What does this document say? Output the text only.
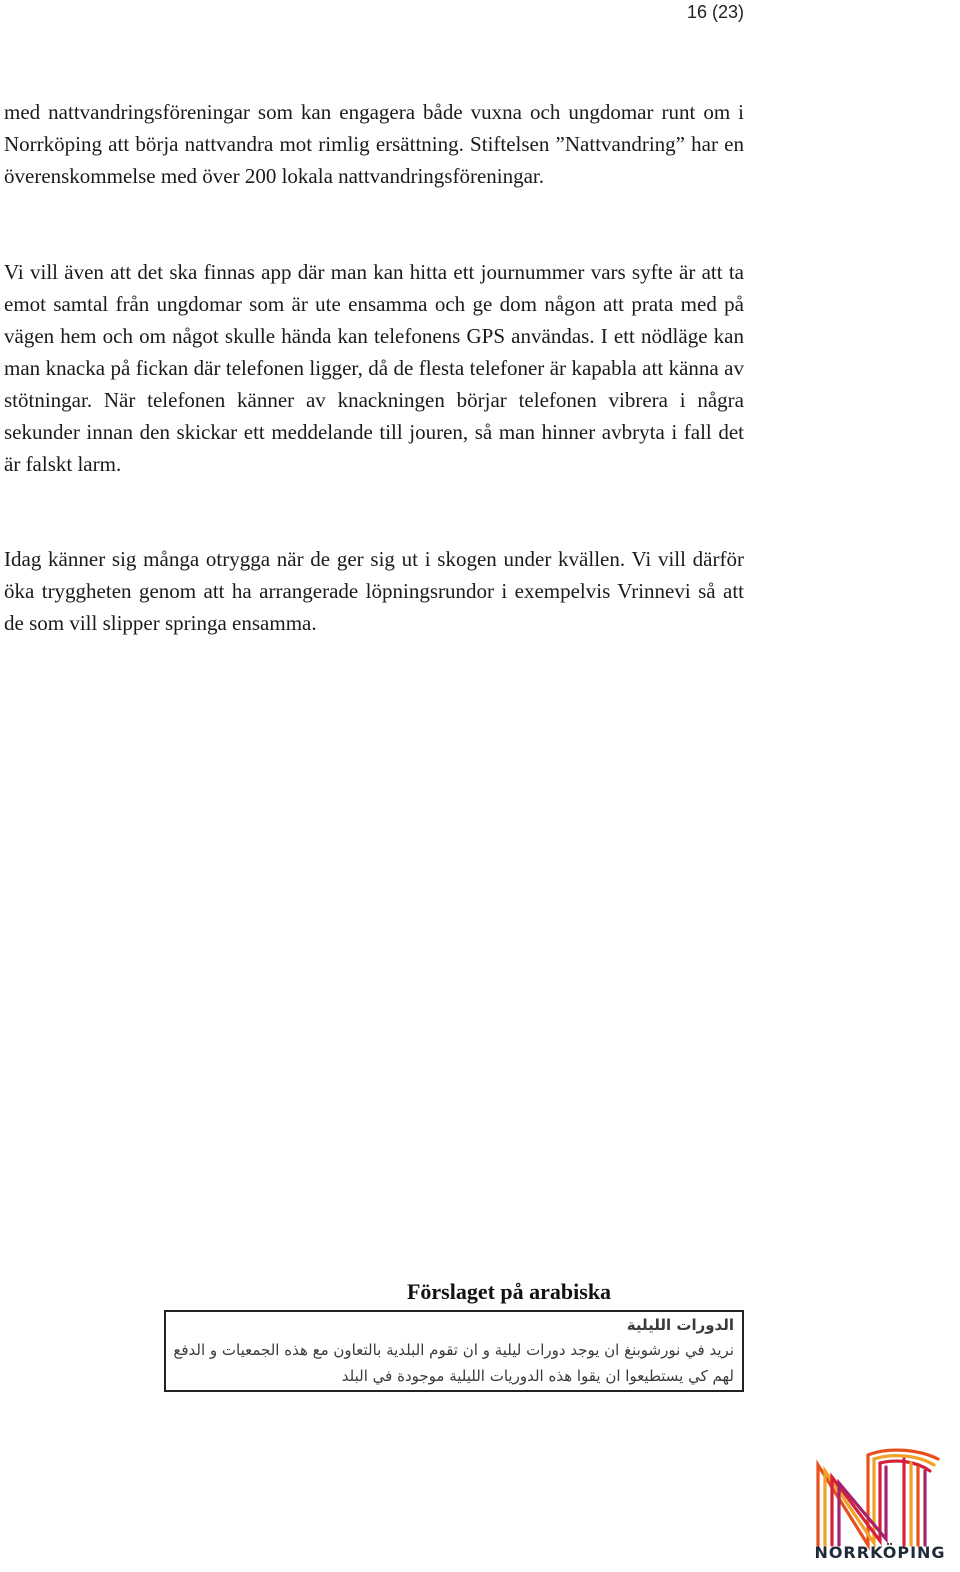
16 (23)

med nattvandringsföreningar som kan engagera både vuxna och ungdomar runt om i Norrköping att börja nattvandra mot rimlig ersättning. Stiftelsen ”Nattvandring” har en överenskommelse med över 200 lokala nattvandringsföreningar.

Vi vill även att det ska finnas app där man kan hitta ett journummer vars syfte är att ta emot samtal från ungdomar som är ute ensamma och ge dom någon att prata med på vägen hem och om något skulle hända kan telefonens GPS användas. I ett nödläge kan man knacka på fickan där telefonen ligger, då de flesta telefoner är kapabla att känna av stötningar. När telefonen känner av knackningen börjar telefonen vibrera i några sekunder innan den skickar ett meddelande till jouren, så man hinner avbryta i fall det är falskt larm.

Idag känner sig många otrygga när de ger sig ut i skogen under kvällen. Vi vill därför öka tryggheten genom att ha arrangerade löpningsrundor i exempelvis Vrinnevi så att de som vill slipper springa ensamma.

Förslaget på arabiska
الدورات الليلية
نريد في نورشوبنغ ان يوجد دورات ليلية و ان تقوم البلدية بالتعاون مع هذه الجمعيات و الدفع
لهم كي يستطيعوا ان يقوا هذه الدوريات الليلية موجودة في البلد
NORRKÖPING
